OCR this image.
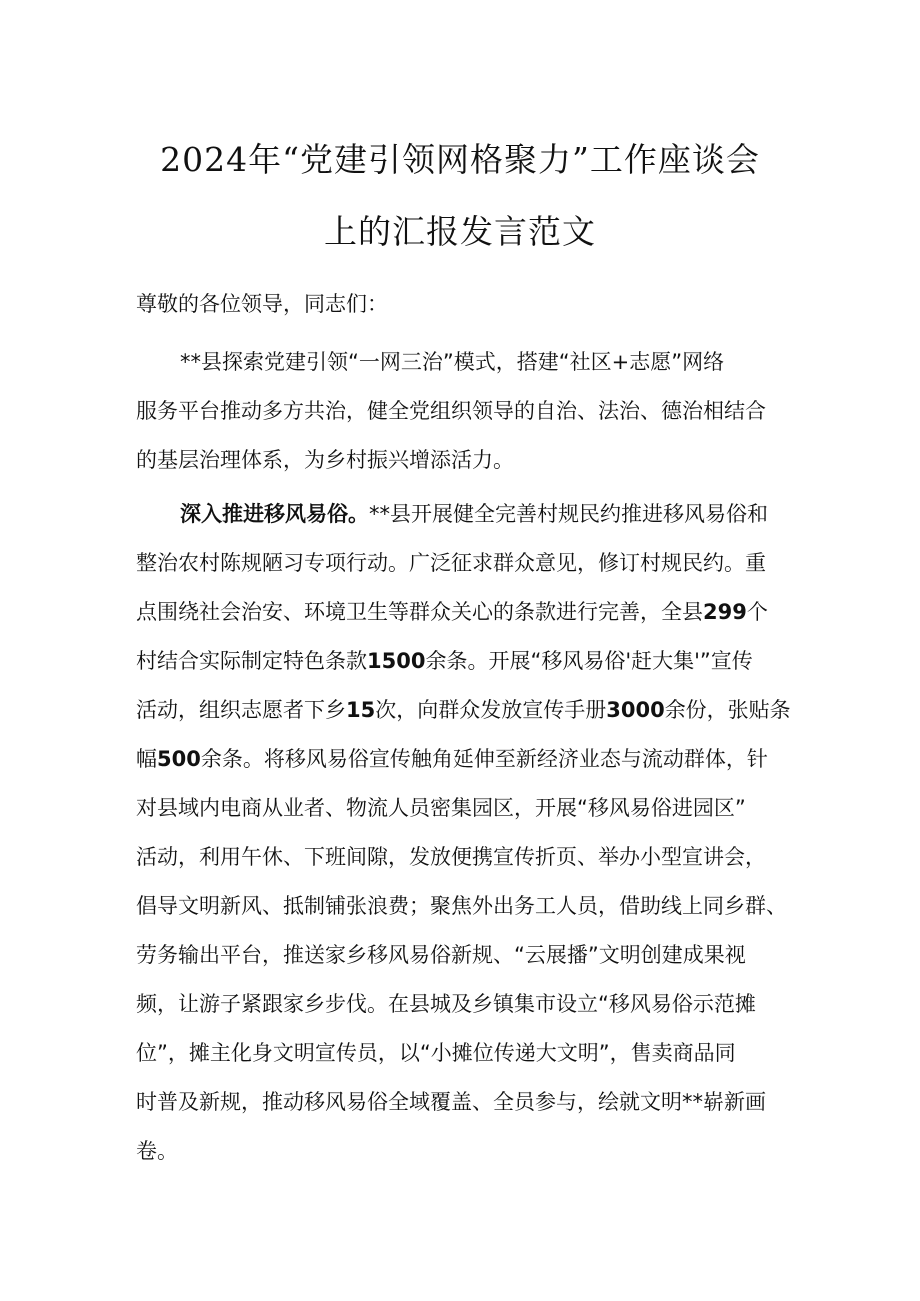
2024年“党建引领网格聚力”工作座谈会
上的汇报发言范文
尊敬的各位领导，同志们：
**县探索党建引领“一网三治”模式，搭建“社区+志愿”网络
服务平台推动多方共治，健全党组织领导的自治、法治、德治相结合
的基层治理体系，为乡村振兴增添活力。
深入推进移风易俗。**县开展健全完善村规民约推进移风易俗和
整治农村陈规陋习专项行动。广泛征求群众意见，修订村规民约。重
点围绕社会治安、环境卫生等群众关心的条款进行完善，全县299个
村结合实际制定特色条款1500余条。开展“移风易俗'赶大集'”宣传
活动，组织志愿者下乡15次，向群众发放宣传手册3000余份，张贴条
幅500余条。将移风易俗宣传触角延伸至新经济业态与流动群体，针
对县域内电商从业者、物流人员密集园区，开展“移风易俗进园区”
活动，利用午休、下班间隙，发放便携宣传折页、举办小型宣讲会，
倡导文明新风、抵制铺张浪费；聚焦外出务工人员，借助线上同乡群、
劳务输出平台，推送家乡移风易俗新规、“云展播”文明创建成果视
频，让游子紧跟家乡步伐。在县城及乡镇集市设立“移风易俗示范摊
位”，摊主化身文明宣传员，以“小摊位传递大文明”，售卖商品同
时普及新规，推动移风易俗全域覆盖、全员参与，绘就文明**崭新画
卷。
